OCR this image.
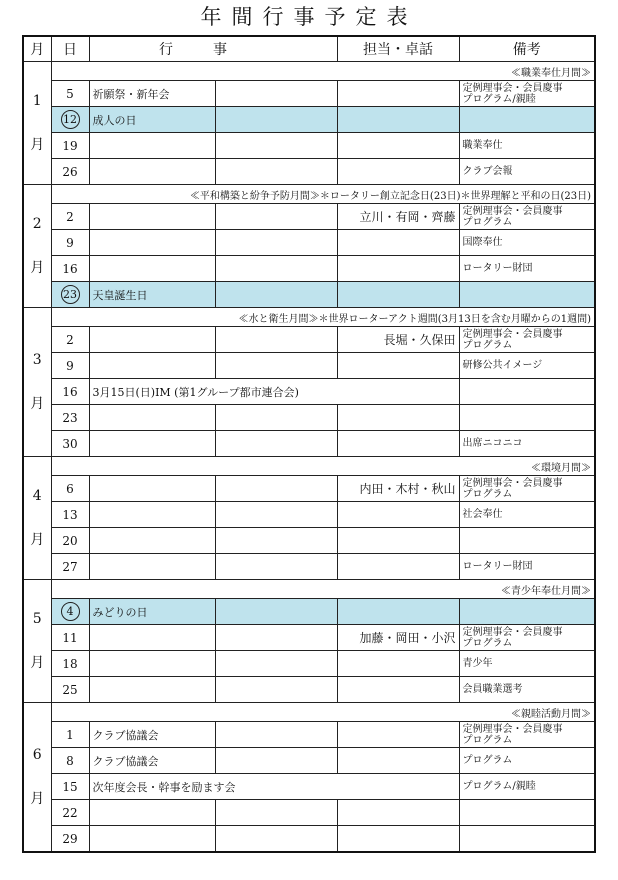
年間行事予定表
月	日	行事		担当・卓話	備考

1
月	≪職業奉仕月間≫				
	5	祈願祭・新年会			定例理事会・会員慶事
プログラム/親睦
	12	成人の日			
	19				職業奉仕
	26				クラブ会報

2
月	≪平和構築と紛争予防月間≫＊ロータリー創立記念日(23日)＊世界理解と平和の日(23日)				
	2			立川・有岡・齊藤	定例理事会・会員慶事
プログラム
	9				国際奉仕
	16				ロータリー財団
	23	天皇誕生日			

3
月	≪水と衛生月間≫＊世界ローターアクト週間(3月13日を含む月曜からの1週間)				
	2			長堀・久保田	定例理事会・会員慶事
プログラム
	9				研修公共イメージ
	16	3月15日(日)IM (第1グループ都市連合会)			
	23				
	30				出席ニコニコ

4
月	≪環境月間≫				
	6			内田・木村・秋山	定例理事会・会員慶事
プログラム
	13				社会奉仕
	20				
	27				ロータリー財団

5
月	≪青少年奉仕月間≫				
	4	みどりの日			
	11			加藤・岡田・小沢	定例理事会・会員慶事
プログラム
	18				青少年
	25				会員職業選考

6
月	≪親睦活動月間≫				
	1	クラブ協議会			定例理事会・会員慶事
プログラム
	8	クラブ協議会			プログラム
	15	次年度会長・幹事を励ます会			プログラム/親睦
	22				
	29				
